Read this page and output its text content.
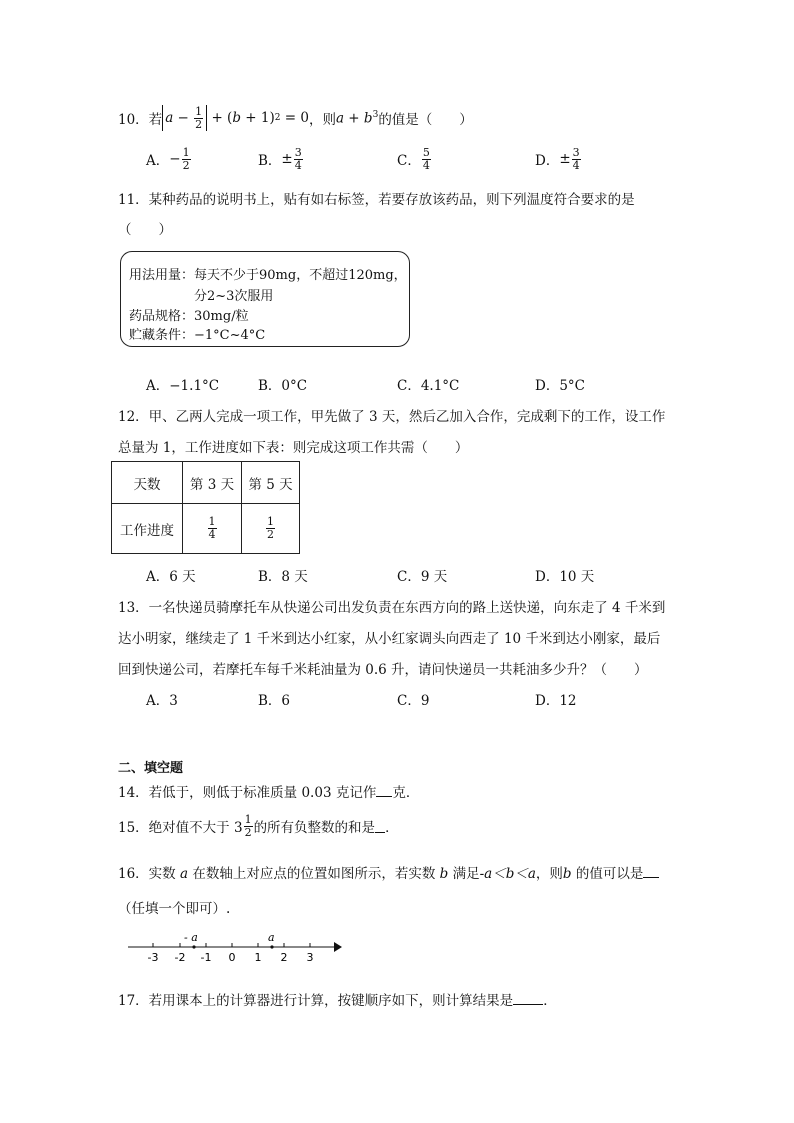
10．若 $a - \frac{1}{2}$ + ( b + 1) 2 = 0 ，则 $a + b^3$ 的值是（　　）
A． − $\frac{1}{2}$	B． ± $\frac{3}{4}$	C． $\frac{5}{4}$	D． ± $\frac{3}{4}$
11．某种药品的说明书上，贴有如右标签，若要存放该药品，则下列温度符合要求的是
（　　）
用法用量：每天不少于90mg，不超过120mg，
分2~3次服用
药品规格：30mg/粒
贮藏条件：−1°C~4°C
A．−1.1°C	B．0°C	C．4.1°C	D．5°C
12．甲、乙两人完成一项工作，甲先做了 3 天，然后乙加入合作，完成剩下的工作，设工作
总量为 1，工作进度如下表：则完成这项工作共需（　　）
天数	第 3 天	第 5 天
工作进度	$\frac{1}{4}$	$\frac{1}{2}$
A．6 天	B．8 天	C．9 天	D．10 天
13．一名快递员骑摩托车从快递公司出发负责在东西方向的路上送快递，向东走了 4 千米到
达小明家，继续走了 1 千米到达小红家，从小红家调头向西走了 10 千米到达小刚家，最后
回到快递公司，若摩托车每千米耗油量为 0.6 升，请问快递员一共耗油多少升？（　　）
A．3	B．6	C．9	D．12
二、填空题
14．若低于，则低于标准质量 0.03 克记作 克．
15．绝对值不大于 $3 \frac{1}{2}$ 的所有负整数的和是 ．
16．实数 a 在数轴上对应点的位置如图所示，若实数 b 满足-a＜b＜a，则b 的值可以是
（任填一个即可）.
- a	a
-3 -2 -1 0 1 2 3
17．若用课本上的计算器进行计算，按键顺序如下，则计算结果是 ．
